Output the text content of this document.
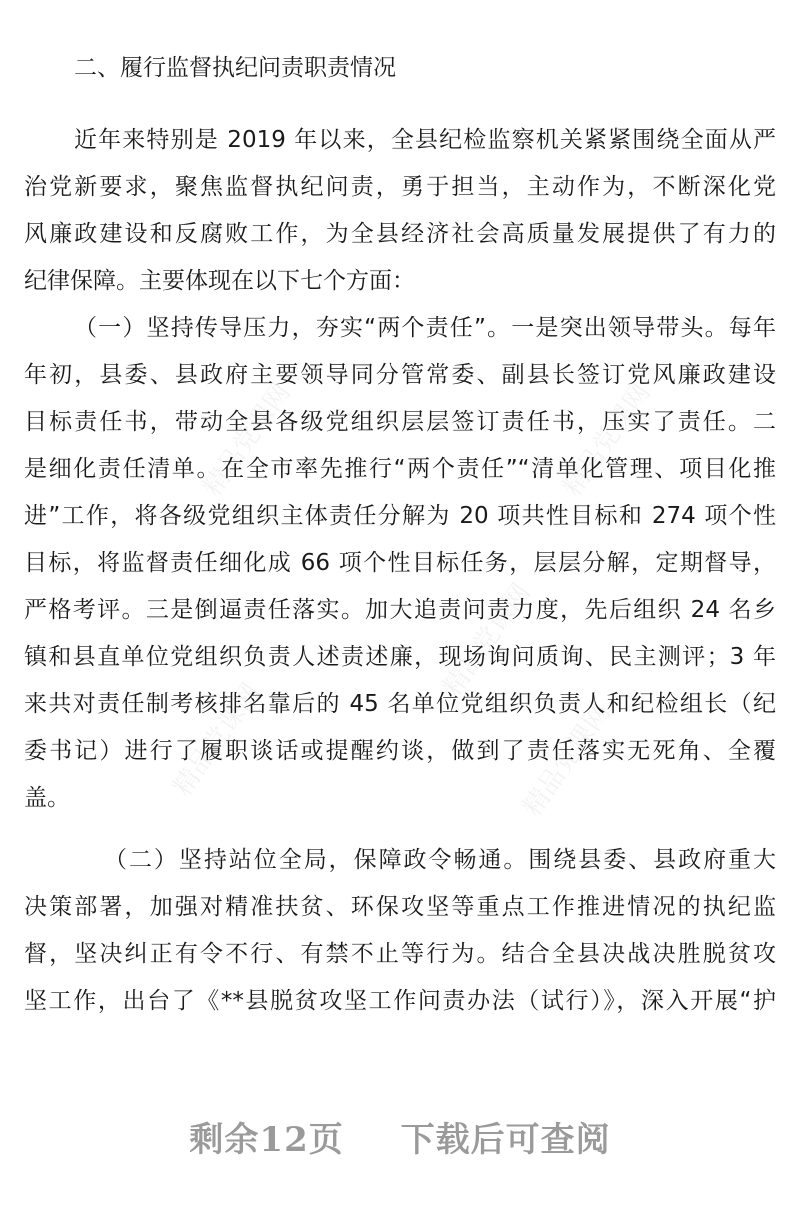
精品党课网	精品党课网
精品党课网
精品党课网	精品党课网
二、履行监督执纪问责职责情况
近年来特别是 2019 年以来，全县纪检监察机关紧紧围绕全面从严
治党新要求，聚焦监督执纪问责，勇于担当，主动作为，不断深化党
风廉政建设和反腐败工作，为全县经济社会高质量发展提供了有力的
纪律保障。主要体现在以下七个方面：
（一）坚持传导压力，夯实“两个责任”。一是突出领导带头。每年
年初，县委、县政府主要领导同分管常委、副县长签订党风廉政建设
目标责任书，带动全县各级党组织层层签订责任书，压实了责任。二
是细化责任清单。在全市率先推行“两个责任”“清单化管理、项目化推
进”工作，将各级党组织主体责任分解为 20 项共性目标和 274 项个性
目标，将监督责任细化成 66 项个性目标任务，层层分解，定期督导，
严格考评。三是倒逼责任落实。加大追责问责力度，先后组织 24 名乡
镇和县直单位党组织负责人述责述廉，现场询问质询、民主测评；3 年
来共对责任制考核排名靠后的 45 名单位党组织负责人和纪检组长（纪
委书记）进行了履职谈话或提醒约谈，做到了责任落实无死角、全覆
盖。
（二）坚持站位全局，保障政令畅通。围绕县委、县政府重大
决策部署，加强对精准扶贫、环保攻坚等重点工作推进情况的执纪监
督，坚决纠正有令不行、有禁不止等行为。结合全县决战决胜脱贫攻
坚工作，出台了《**县脱贫攻坚工作问责办法（试行）》，深入开展“护
剩余12页 下载后可查阅
